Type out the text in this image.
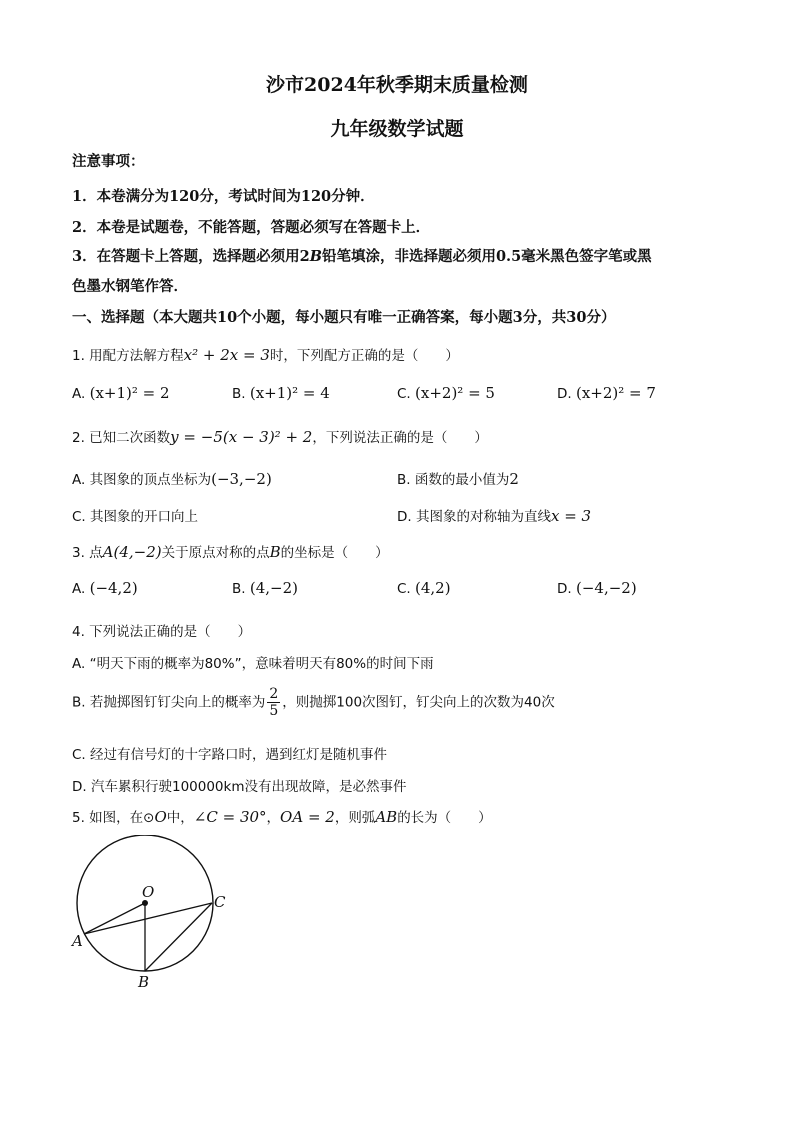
沙市2024年秋季期末质量检测
九年级数学试题
注意事项：
1．本卷满分为120分，考试时间为120分钟．
2．本卷是试题卷，不能答题，答题必须写在答题卡上．
3．在答题卡上答题，选择题必须用2B铅笔填涂，非选择题必须用0.5毫米黑色签字笔或黑
色墨水钢笔作答．
一、选择题（本大题共10个小题，每小题只有唯一正确答案，每小题3分，共30分）
1. 用配方法解方程x² + 2x = 3时，下列配方正确的是（　　）
A. (x+1)² = 2	B. (x+1)² = 4	C. (x+2)² = 5	D. (x+2)² = 7
2. 已知二次函数y = −5(x − 3)² + 2，下列说法正确的是（　　）
A. 其图象的顶点坐标为(−3,−2)	B. 函数的最小值为2
C. 其图象的开口向上	D. 其图象的对称轴为直线x = 3
3. 点A(4,−2)关于原点对称的点B的坐标是（　　）
A. (−4,2)	B. (4,−2)	C. (4,2)	D. (−4,−2)
4. 下列说法正确的是（　　）
A. “明天下雨的概率为80%”，意味着明天有80%的时间下雨
B. 若抛掷图钉钉尖向上的概率为 $\frac{2}{5}$ ，则抛掷100次图钉，钉尖向上的次数为40次
C. 经过有信号灯的十字路口时，遇到红灯是随机事件
D. 汽车累积行驶100000km没有出现故障，是必然事件
5. 如图，在⊙O中，∠C = 30°，OA = 2，则弧AB的长为（　　）
O
A
B
C
